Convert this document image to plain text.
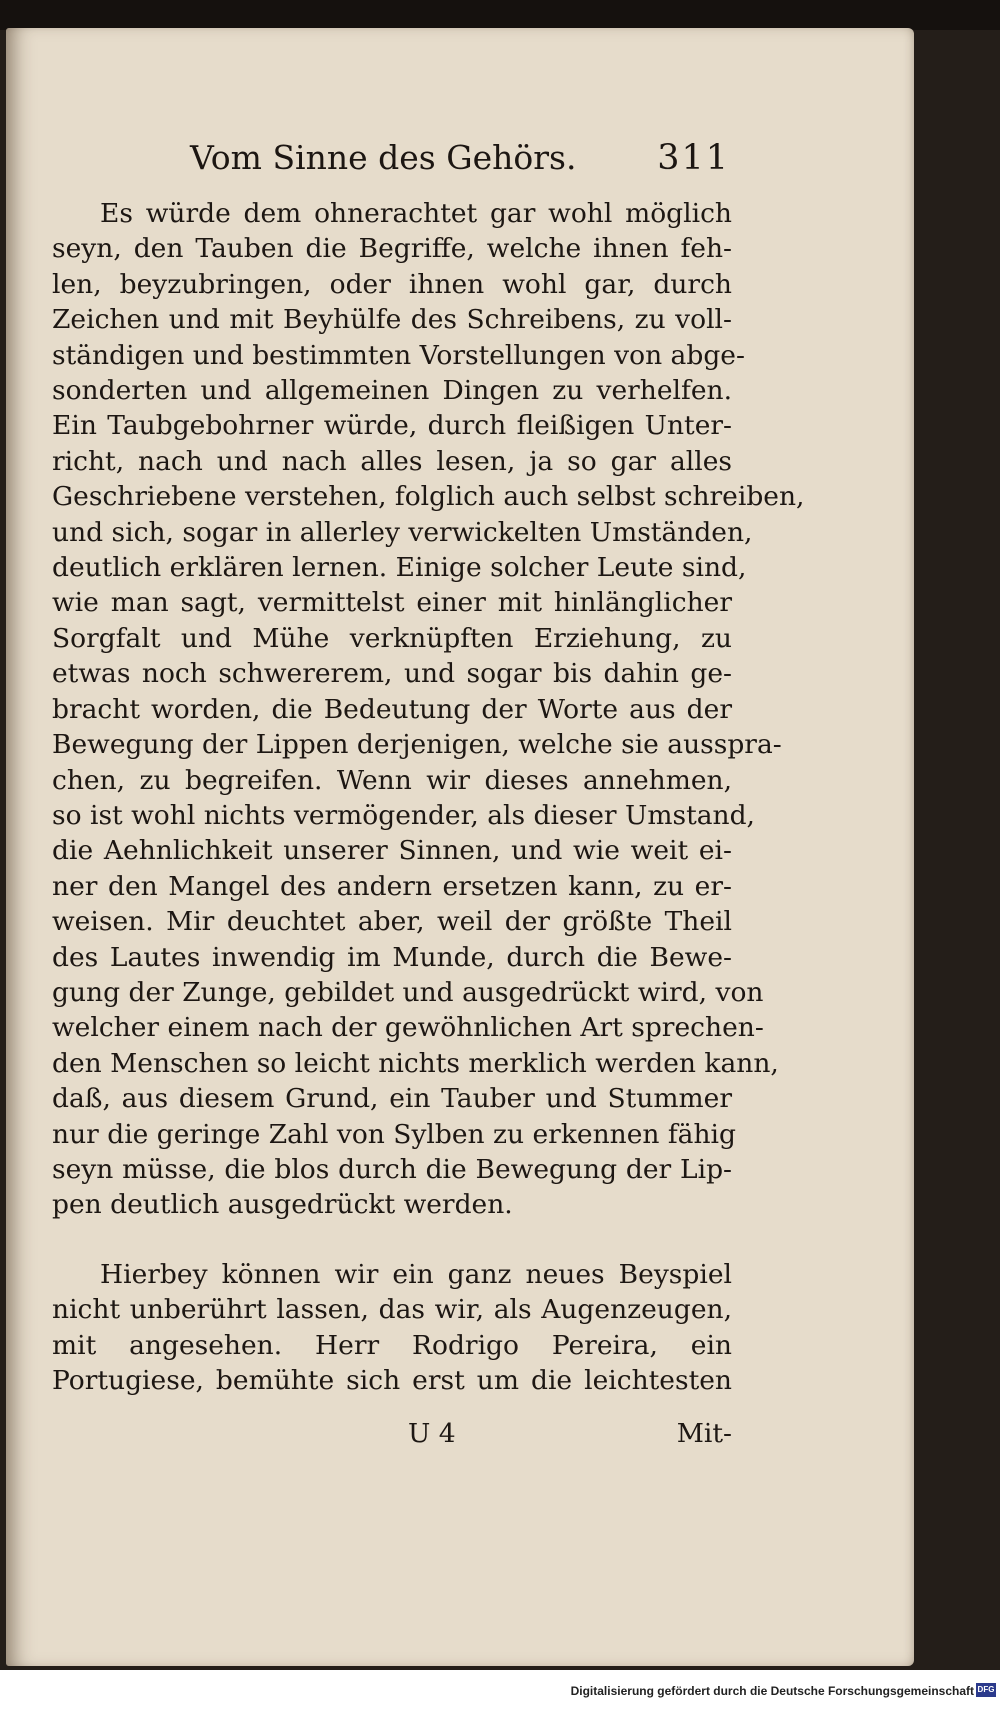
Vom Sinne des Gehörs. 311
Es würde dem ohnerachtet gar wohl möglich
seyn, den Tauben die Begriffe, welche ihnen feh-
len, beyzubringen, oder ihnen wohl gar, durch
Zeichen und mit Beyhülfe des Schreibens, zu voll-
ständigen und bestimmten Vorstellungen von abge-
sonderten und allgemeinen Dingen zu verhelfen.
Ein Taubgebohrner würde, durch fleißigen Unter-
richt, nach und nach alles lesen, ja so gar alles
Geschriebene verstehen, folglich auch selbst schreiben,
und sich, sogar in allerley verwickelten Umständen,
deutlich erklären lernen. Einige solcher Leute sind,
wie man sagt, vermittelst einer mit hinlänglicher
Sorgfalt und Mühe verknüpften Erziehung, zu
etwas noch schwererem, und sogar bis dahin ge-
bracht worden, die Bedeutung der Worte aus der
Bewegung der Lippen derjenigen, welche sie aussprа-
chen, zu begreifen. Wenn wir dieses annehmen,
so ist wohl nichts vermögender, als dieser Umstand,
die Aehnlichkeit unserer Sinnen, und wie weit ei-
ner den Mangel des andern ersetzen kann, zu er-
weisen. Mir deuchtet aber, weil der größte Theil
des Lautes inwendig im Munde, durch die Bewe-
gung der Zunge, gebildet und ausgedrückt wird, von
welcher einem nach der gewöhnlichen Art sprechen-
den Menschen so leicht nichts merklich werden kann,
daß, aus diesem Grund, ein Tauber und Stummer
nur die geringe Zahl von Sylben zu erkennen fähig
seyn müsse, die blos durch die Bewegung der Lip-
pen deutlich ausgedrückt werden.
Hierbey können wir ein ganz neues Beyspiel
nicht unberührt lassen, das wir, als Augenzeugen,
mit angesehen. Herr Rodrigo Pereira, ein
Portugiese, bemühte sich erst um die leichtesten
U 4	Mit-
Digitalisierung gefördert durch die Deutsche Forschungsgemeinschaft DFG
